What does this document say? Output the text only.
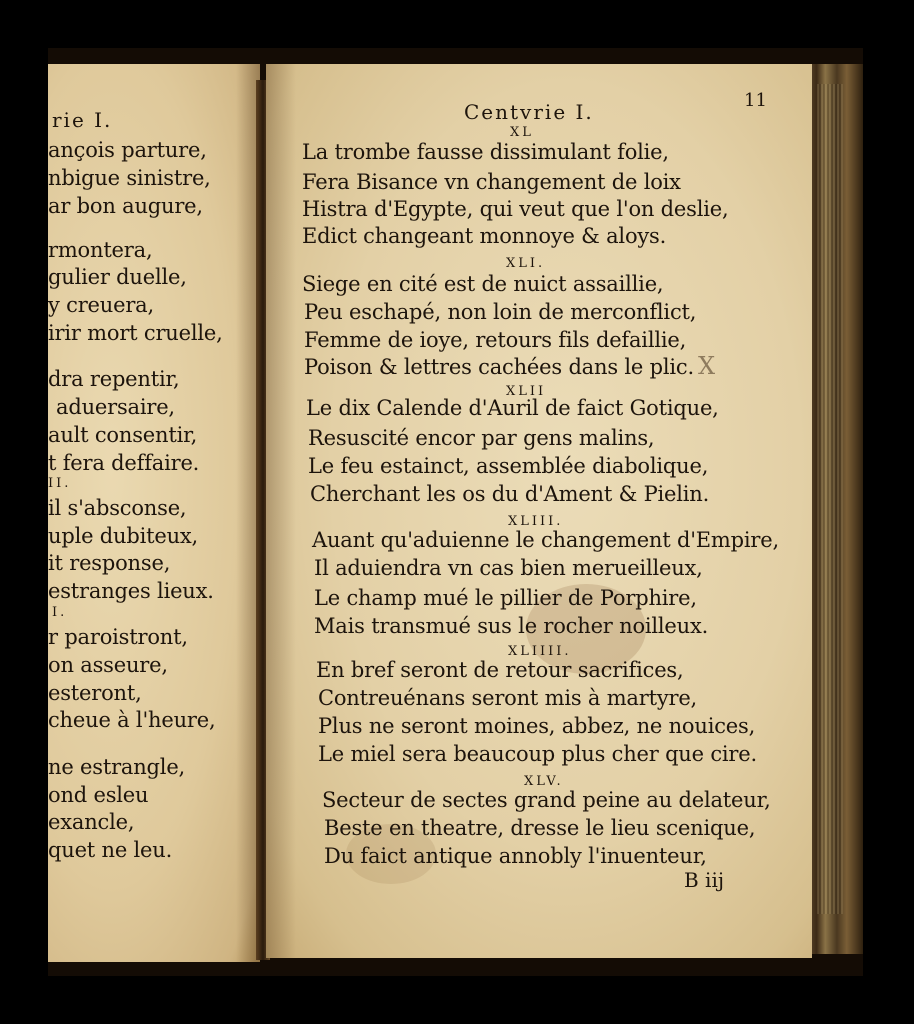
rie I.
ançois parture,
nbigue sinistre,
ar bon augure,
rmontera,
gulier duelle,
y creuera,
irir mort cruelle,
dra repentir,
aduersaire,
ault consentir,
t fera deffaire.
II.
il s'absconse,
uple dubiteux,
it response,
estranges lieux.
I.
r paroistront,
on asseure,
esteront,
cheue à l'heure,
ne estrangle,
ond esleu
exancle,
quet ne leu.
Centvrie I.	11
XL
La trombe fausse dissimulant folie,
Fera Bisance vn changement de loix
Histra d'Egypte, qui veut que l'on deslie,
Edict changeant monnoye & aloys.
XLI.
Siege en cité est de nuict assaillie,
Peu eschapé, non loin de merconflict,
Femme de ioye, retours fils defaillie,
Poison & lettres cachées dans le plic. X
XLII
Le dix Calende d'Auril de faict Gotique,
Resuscité encor par gens malins,
Le feu estainct, assemblée diabolique,
Cherchant les os du d'Ament & Pielin.
XLIII.
Auant qu'aduienne le changement d'Empire,
Il aduiendra vn cas bien merueilleux,
Le champ mué le pillier de Porphire,
Mais transmué sus le rocher noilleux.
XLIIII.
En bref seront de retour sacrifices,
Contreuénans seront mis à martyre,
Plus ne seront moines, abbez, ne nouices,
Le miel sera beaucoup plus cher que cire.
XLV.
Secteur de sectes grand peine au delateur,
Beste en theatre, dresse le lieu scenique,
Du faict antique annobly l'inuenteur,
B iij
